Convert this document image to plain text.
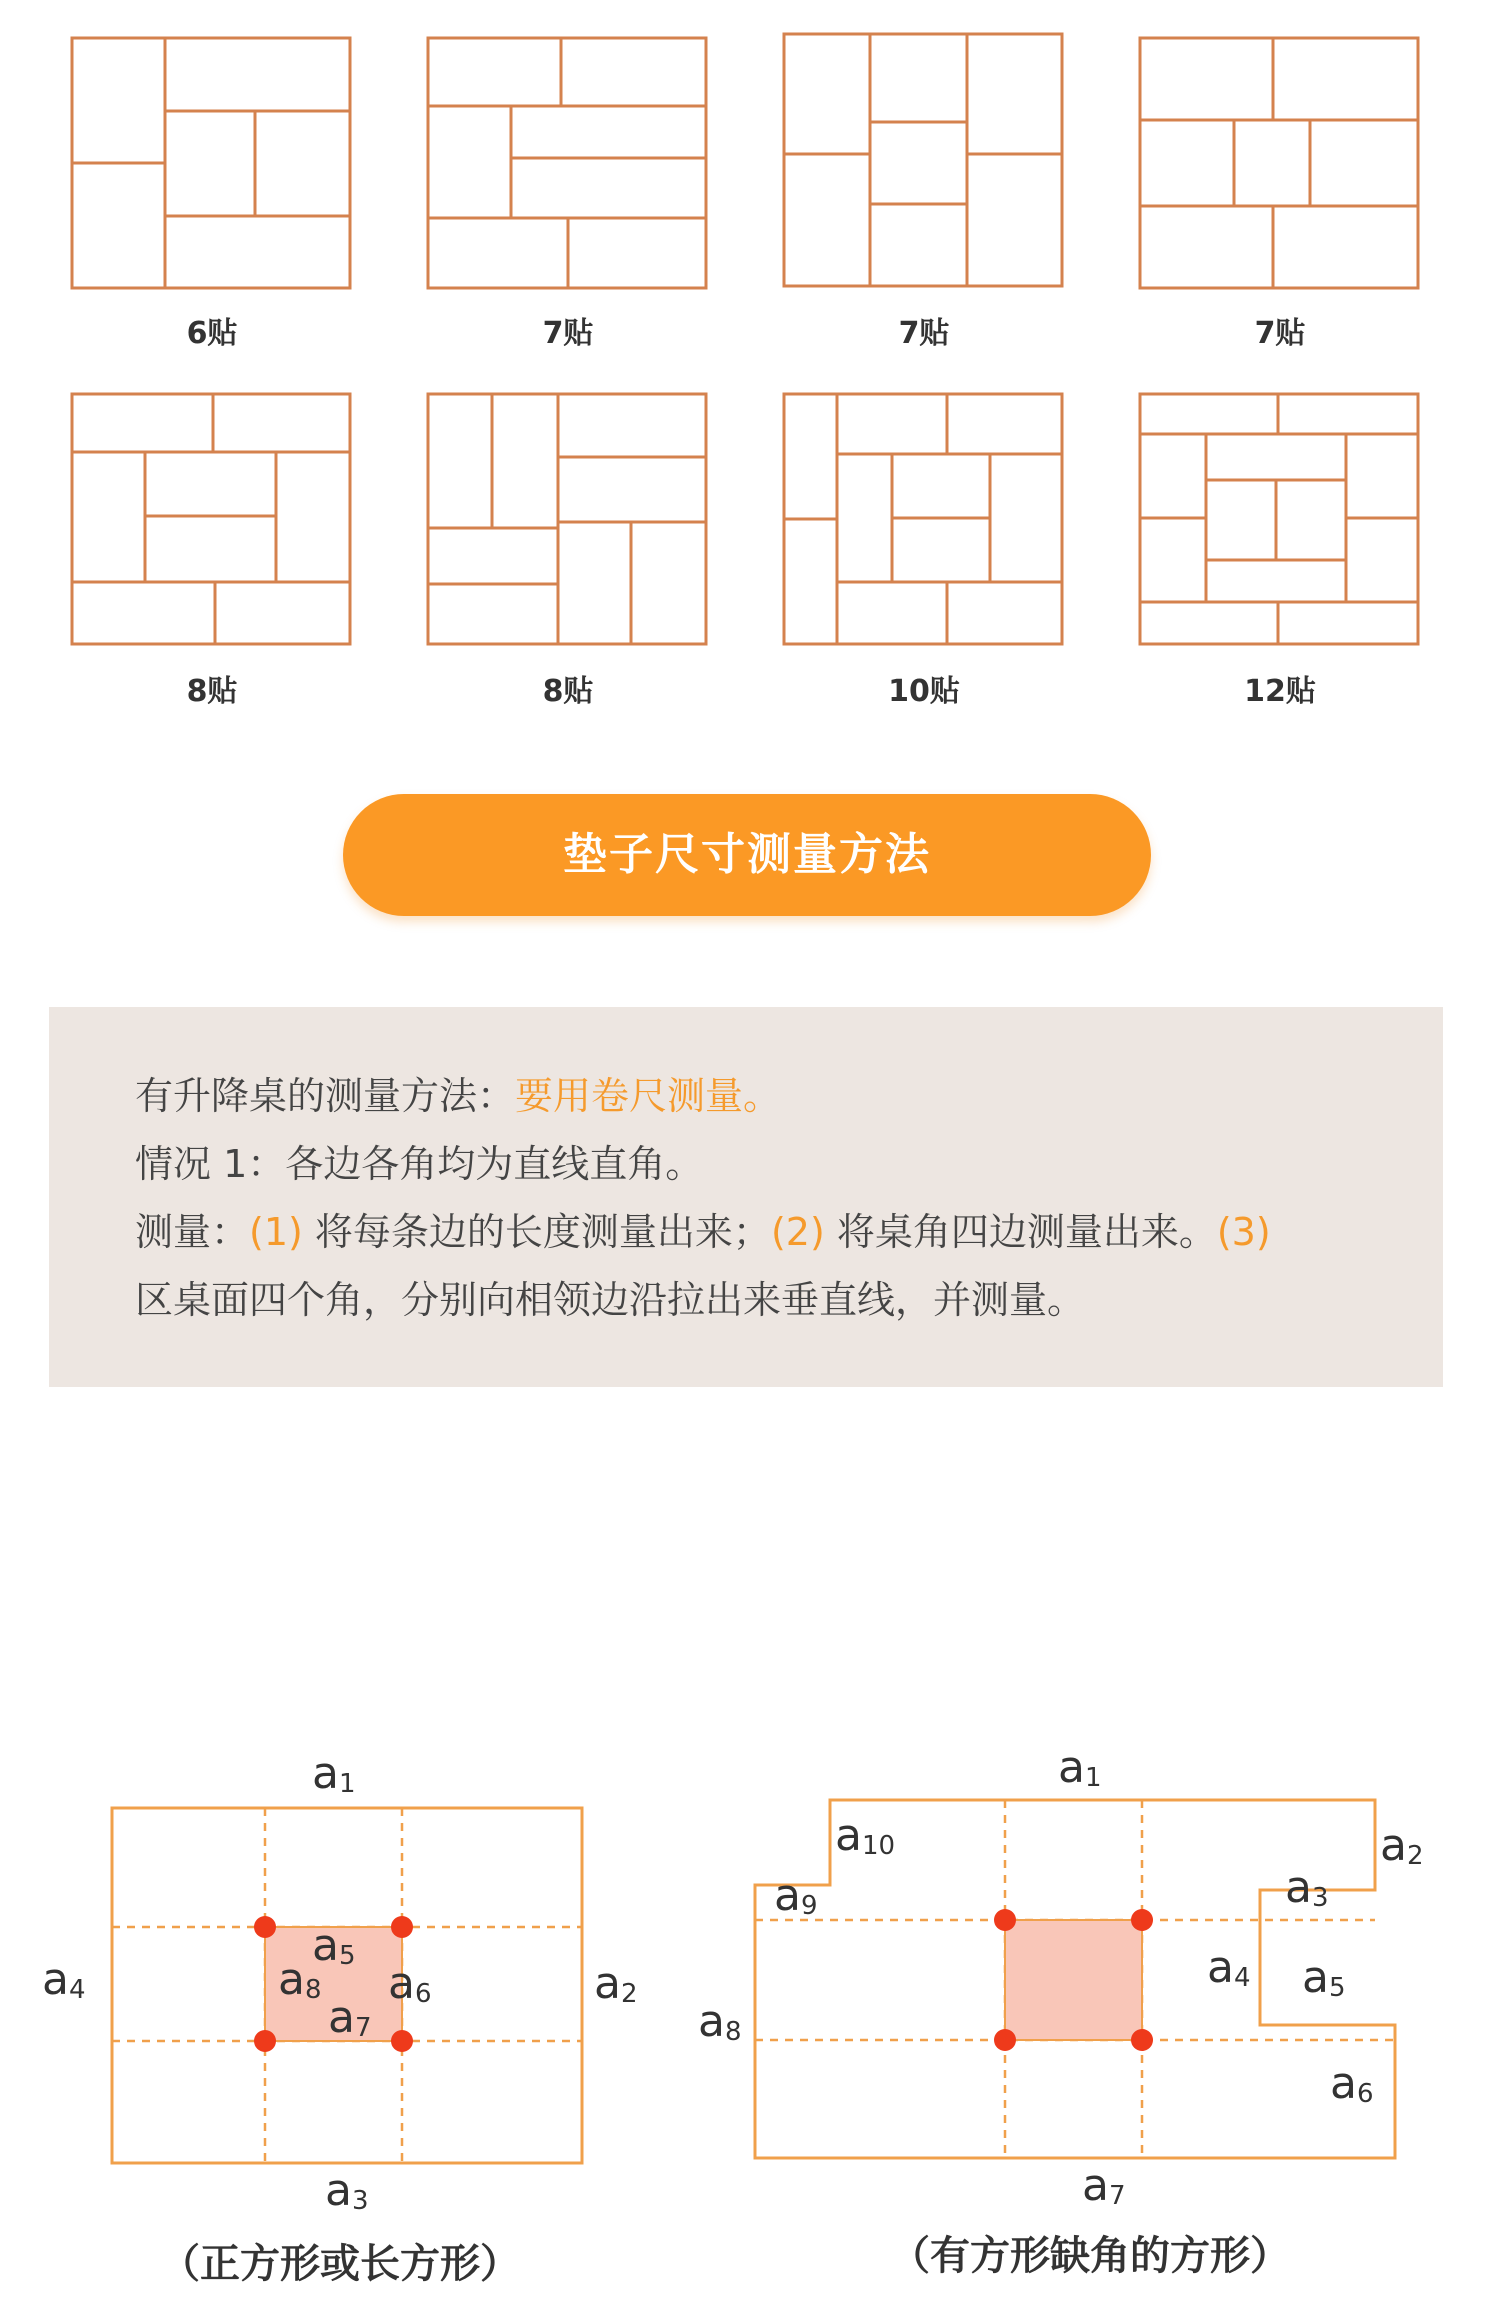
6贴	7贴	7贴	7贴
8贴	8贴	10贴	12贴
垫子尺寸测量方法

有升降桌的测量方法：要用卷尺测量。

情况 1：各边各角均为直线直角。

测量：(1) 将每条边的长度测量出来；(2) 将桌角四边测量出来。(3)

区桌面四个角，分别向相领边沿拉出来垂直线，并测量。

a1
a2
a3
a4
a5
a6
a7
a8
（正方形或长方形）
a1
a2
a3
a4 a5
a6
a7
a8
a9
a10
（有方形缺角的方形）
